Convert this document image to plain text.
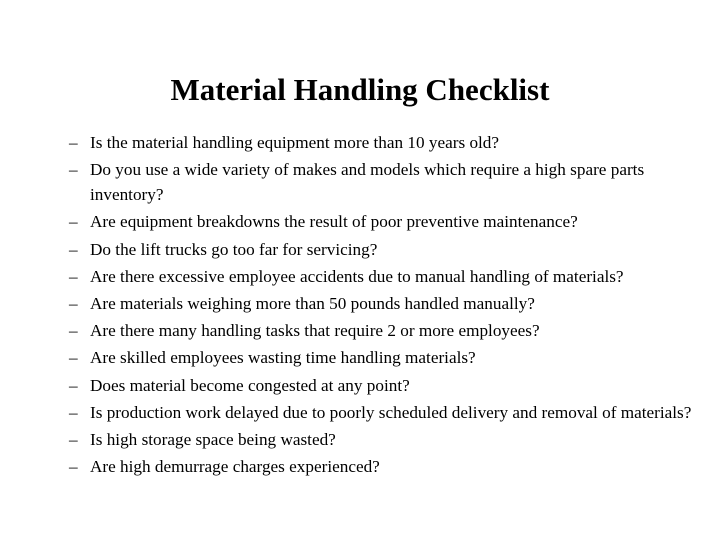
Material Handling Checklist
– Is the material handling equipment more than 10 years old?
– Do you use a wide variety of makes and models which require a high spare parts inventory?
– Are equipment breakdowns the result of poor preventive maintenance?
– Do the lift trucks go too far for servicing?
– Are there excessive employee accidents due to manual handling of materials?
– Are materials weighing more than 50 pounds handled manually?
– Are there many handling tasks that require 2 or more employees?
– Are skilled employees wasting time handling materials?
– Does material become congested at any point?
– Is production work delayed due to poorly scheduled delivery and removal of materials?
– Is high storage space being wasted?
– Are high demurrage charges experienced?
